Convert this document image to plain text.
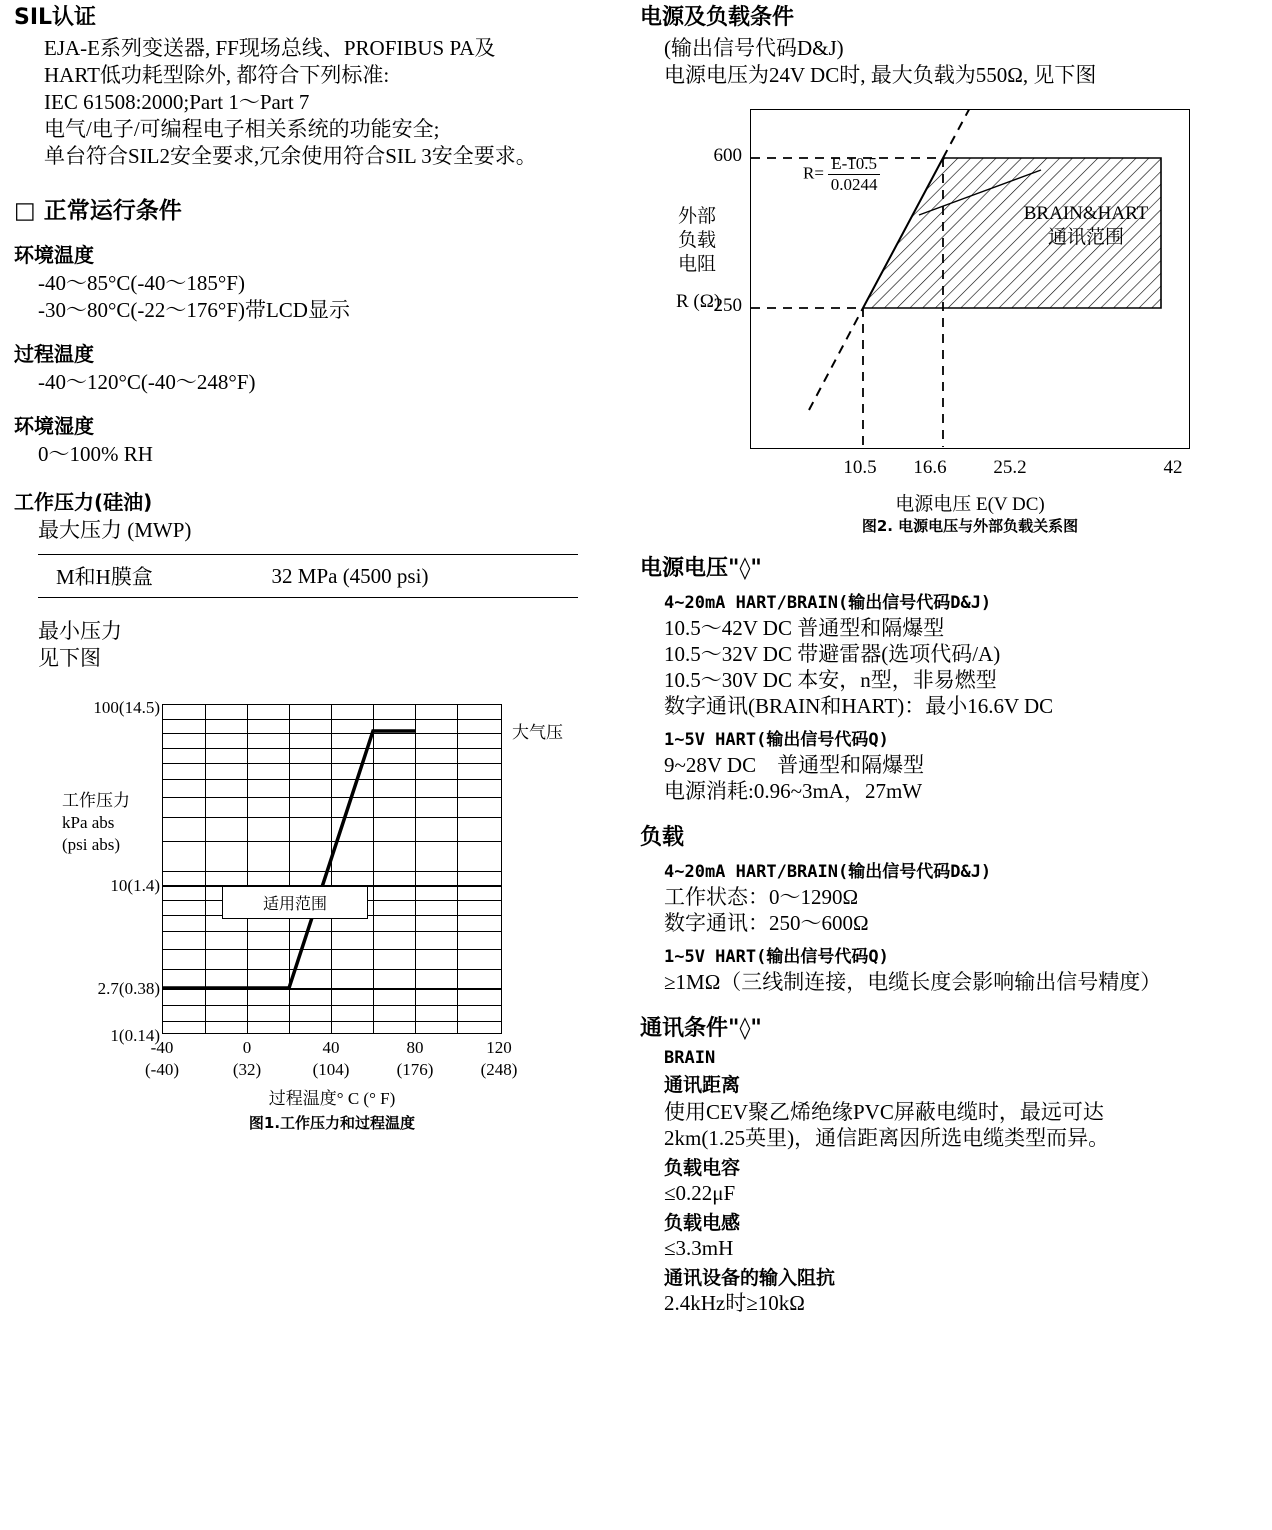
SIL认证

EJA-E系列变送器, FF现场总线、PROFIBUS PA及

HART低功耗型除外, 都符合下列标准:

IEC 61508:2000;Part 1～Part 7

电气/电子/可编程电子相关系统的功能安全;

单台符合SIL2安全要求,冗余使用符合SIL 3安全要求。

□ 正常运行条件
环境温度

-40～85°C(-40～185°F)

-30～80°C(-22～176°F)带LCD显示

过程温度

-40～120°C(-40～248°F)

环境湿度

0～100% RH

工作压力(硅油)

最大压力 (MWP)

M和H膜盒	32 MPa (4500 psi)

最小压力

见下图

工作压力
kPa abs
(psi abs)
100(14.5)
10(1.4)
2.7(0.38)
1(0.14)
适用范围
大气压
-40
(-40)
0
(32)
40
(104)
80
(176)
120
(248)
过程温度° C (° F)
图1.工作压力和过程温度
电源及负载条件

(输出信号代码D&J)

电源电压为24V DC时, 最大负载为550Ω, 见下图

$R= \frac{E-10.5}{0.0244}$
BRAIN&HART
通讯范围
外部
负载
电阻
600
250
R (Ω)
10.5	16.6	25.2	42
电源电压 E(V DC)
图2. 电源电压与外部负载关系图
电源电压"◊"

4~20mA HART/BRAIN(输出信号代码D&J)

10.5～42V DC 普通型和隔爆型

10.5～32V DC 带避雷器(选项代码/A)

10.5～30V DC 本安，n型，非易燃型

数字通讯(BRAIN和HART)：最小16.6V DC

1~5V HART(输出信号代码Q)

9~28V DC　普通型和隔爆型

电源消耗:0.96~3mA，27mW

负载

4~20mA HART/BRAIN(输出信号代码D&J)

工作状态：0～1290Ω

数字通讯：250～600Ω

1~5V HART(输出信号代码Q)

≥1MΩ（三线制连接，电缆长度会影响输出信号精度）

通讯条件"◊"

BRAIN

通讯距离

使用CEV聚乙烯绝缘PVC屏蔽电缆时，最远可达

2km(1.25英里)，通信距离因所选电缆类型而异。

负载电容

≤0.22μF

负载电感

≤3.3mH

通讯设备的输入阻抗

2.4kHz时≥10kΩ
